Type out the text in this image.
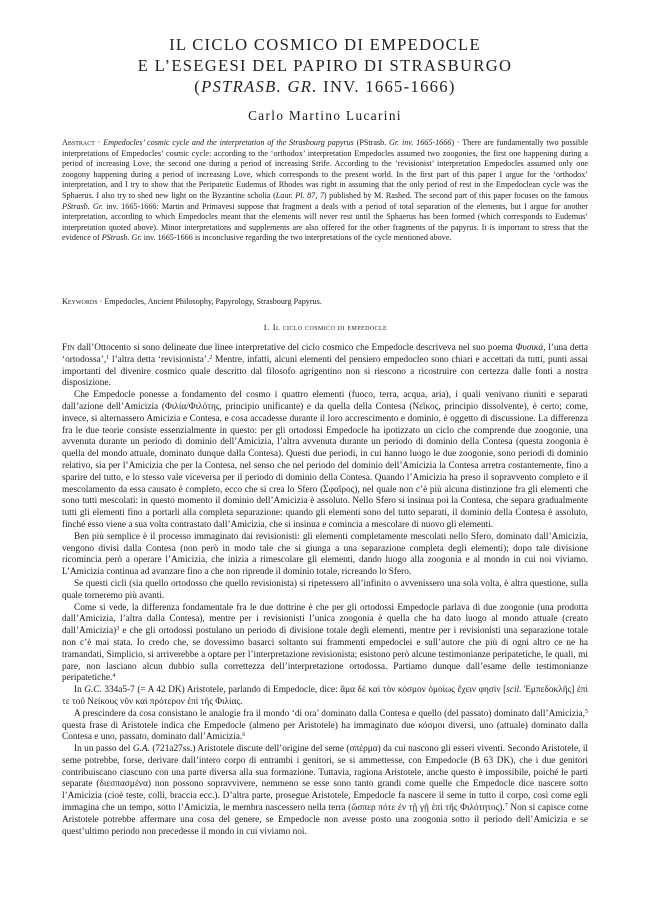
IL CICLO COSMICO DI EMPEDOCLE
E L’ESEGESI DEL PAPIRO DI STRASBURGO
(PSTRASB. GR. INV. 1665-1666)
Carlo Martino Lucarini
Abstract · Empedocles’ cosmic cycle and the interpretation of the Strasbourg papyrus (PStrasb. Gr. inv. 1665-1666) · There are fundamentally two possible interpretations of Empedocles’ cosmic cycle: according to the ‘orthodox’ interpretation Empedocles assumed two zoogonies, the first one happening during a period of increasing Love, the second one during a period of increasing Strife. According to the ‘revisionist’ interpretation Empedocles assumed only one zoogony happening during a period of increasing Love, which corresponds to the present world. In the first part of this paper I argue for the ‘orthodox’ interpretation, and I try to show that the Peripatetic Eudemus of Rhodes was right in assuming that the only period of rest in the Empedoclean cycle was the Sphaerus. I also try to shed new light on the Byzantine scholia (Laur. Pl. 87, 7) published by M. Rashed. The second part of this paper focuses on the famous PStrasb. Gr. inv. 1665-1666: Martin and Primavesi suppose that fragment a deals with a period of total separation of the elements, but I argue for another interpretation, according to which Empedocles meant that the elements will never rest until the Sphaerus has been formed (which corresponds to Eudemus’ interpretation quoted above). Minor interpretations and supplements are also offered for the other fragments of the papyrus. It is important to stress that the evidence of PStrasb. Gr. inv. 1665-1666 is inconclusive regarding the two interpretations of the cycle mentioned above.
Keywords · Empedocles, Ancient Philosophy, Papyrology, Strasbourg Papyrus.
1. Il ciclo cosmico di empedocle

Fin dall’Ottocento si sono delineate due linee interpretative del ciclo cosmico che Empedocle descriveva nel suo poema Φυσικά, l’una detta ‘ortodossa’,$^1$ l’altra detta ‘revisionista’.$^2$ Mentre, infatti, alcuni elementi del pensiero empedocleo sono chiari e accettati da tutti, punti assai importanti del divenire cosmico quale descritto dal filosofo agrigentino non si riescono a ricostruire con certezza dalle fonti a nostra disposizione.

Che Empedocle ponesse a fondamento del cosmo i quattro elementi (fuoco, terra, acqua, aria), i quali venivano riuniti e separati dall’azione dell’Amicizia (Φιλία/Φιλότης, principio unificante) e da quella della Contesa (Νεῖκος, principio dissolvente), è certo; come, invece, si alternassero Amicizia e Contesa, e cosa accadesse durante il loro accrescimento e dominio, è oggetto di discussione. La differenza fra le due teorie consiste essenzialmente in questo: per gli ortodossi Empedocle ha ipotizzato un ciclo che comprende due zoogonie, una avvenuta durante un periodo di dominio dell’Amicizia, l’altra avvenuta durante un periodo di dominio della Contesa (questa zoogonia è quella del mondo attuale, dominato dunque dalla Contesa). Questi due periodi, in cui hanno luogo le due zoogonie, sono periodi di dominio relativo, sia per l’Amicizia che per la Contesa, nel senso che nel periodo del dominio dell’Amicizia la Contesa arretra costantemente, fino a sparire del tutto, e lo stesso vale viceversa per il periodo di dominio della Contesa. Quando l’Amicizia ha preso il sopravvento completo e il mescolamento da essa causato è completo, ecco che si crea lo Sfero (Σφαῖρος), nel quale non c’è più alcuna distinzione fra gli elementi che sono tutti mescolati: in questo momento il dominio dell’Amicizia è assoluto. Nello Sfero si insinua poi la Contesa, che separa gradualmente tutti gli elementi fino a portarli alla completa separazione: quando gli elementi sono del tutto separati, il dominio della Contesa è assoluto, finché esso viene a sua volta contrastato dall’Amicizia, che si insinua e comincia a mescolare di nuovo gli elementi.

Ben più semplice è il processo immaginato dai revisionisti: gli elementi completamente mescolati nello Sfero, dominato dall’Amicizia, vengono divisi dalla Contesa (non però in modo tale che si giunga a una separazione completa degli elementi); dopo tale divisione ricomincia però a operare l’Amicizia, che inizia a rimescolare gli elementi, dando luogo alla zoogonia e al mondo in cui noi viviamo. L’Amicizia continua ad avanzare fino a che non riprende il dominio totale, ricreando lo Sfero.

Se questi cicli (sia quello ortodosso che quello revisionista) si ripetessero all’infinito o avvenissero una sola volta, è altra questione, sulla quale torneremo più avanti.

Come si vede, la differenza fondamentale fra le due dottrine è che per gli ortodossi Empedocle parlava di due zoogonie (una prodotta dall’Amicizia, l’altra dalla Contesa), mentre per i revisionisti l’unica zoogonia è quella che ha dato luogo al mondo attuale (creato dall’Amicizia)$^3$ e che gli ortodossi postulano un periodo di divisione totale degli elementi, mentre per i revisionisti una separazione totale non c’è mai stata. Io credo che, se dovessimo basarci soltanto sui frammenti empedoclei e sull’autore che più di ogni altro ce ne ha tramandati, Simplicio, si arriverebbe a optare per l’interpretazione revisionista; esistono però alcune testimonianze peripatetiche, le quali, mi pare, non lasciano alcun dubbio sulla correttezza dell’interpretazione ortodossa. Partiamo dunque dall’esame delle testimonianze peripatetiche.$^4$

In G.C. 334a5-7 (= A 42 DK) Aristotele, parlando di Empedocle, dice: ἅμα δὲ καί τὸν κόσμον ὁμοίως ἔχειν φησὶν [scil. Ἐμπεδοκλῆς] ἐπί τε τοῦ Νείκους νῦν καὶ πρότερον ἐπὶ τῆς Φιλίας.

A prescindere da cosa consistano le analogie fra il mondo ‘di ora’ dominato dalla Contesa e quello (del passato) dominato dall’Amicizia,$^5$ questa frase di Aristotele indica che Empedocle (almeno per Aristotele) ha immaginato due κόσμοι diversi, uno (attuale) dominato dalla Contesa e uno, passato, dominato dall’Amicizia.$^6$

In un passo del G.A. (721a27ss.) Aristotele discute dell’origine del seme (σπέρμα) da cui nascono gli esseri viventi. Secondo Aristotele, il seme potrebbe, forse, derivare dall’intero corpo di entrambi i genitori, se si ammettesse, con Empedocle (B 63 DK), che i due genitori contribuiscano ciascuno con una parte diversa alla sua formazione. Tuttavia, ragiona Aristotele, anche questo è impossibile, poiché le parti separate (διεσπασμένα) non possono sopravvivere, nemmeno se esse sono tanto grandi come quelle che Empedocle dice nascere sotto l’Amicizia (cioè teste, colli, braccia ecc.). D’altra parte, prosegue Aristotele, Empedocle fa nascere il seme in tutto il corpo, così come egli immagina che un tempo, sotto l’Amicizia, le membra nascessero nella terra (ὥσπερ πότε ἐν τῇ γῇ ἐπὶ τῆς Φιλότητος).$^7$ Non si capisce come Aristotele potrebbe affermare una cosa del genere, se Empedocle non avesse posto una zoogonia sotto il periodo dell’Amicizia e se quest’ultimo periodo non precedesse il mondo in cui viviamo noi.
